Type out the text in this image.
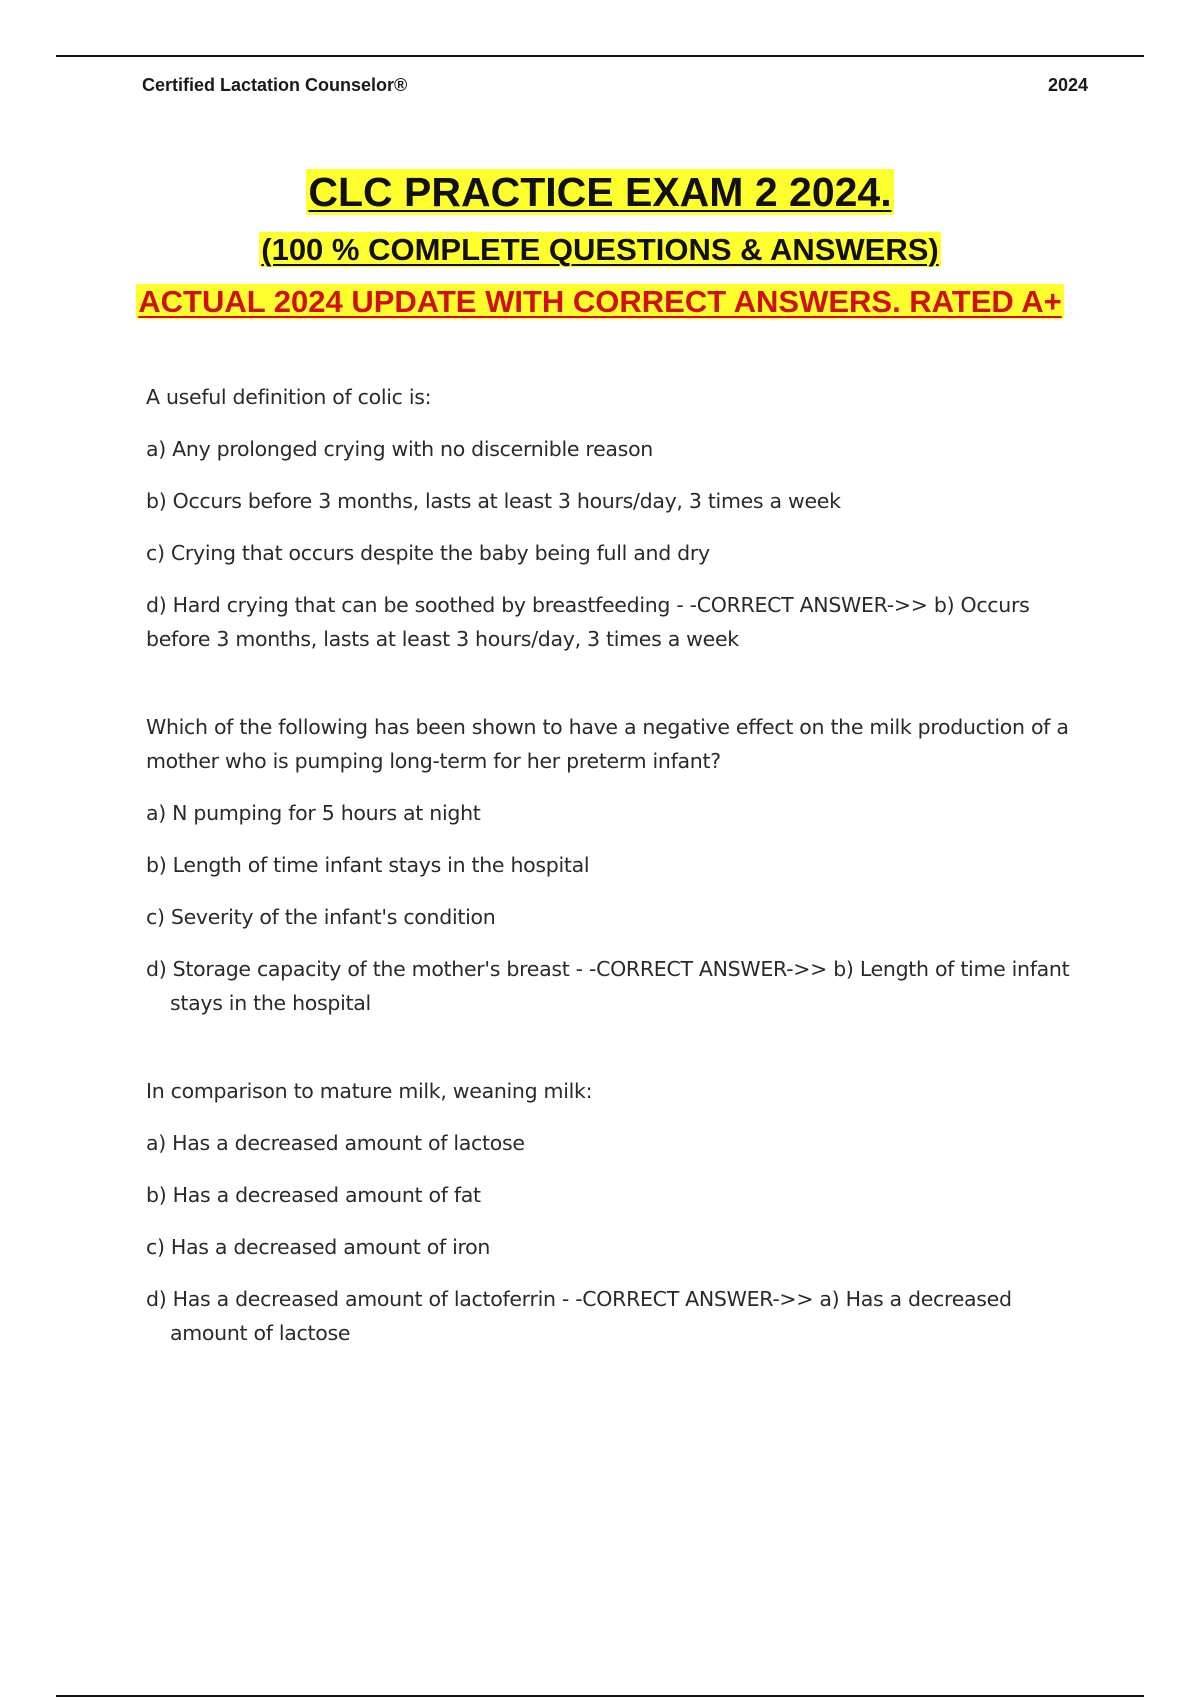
Certified Lactation Counselor®	2024
CLC PRACTICE EXAM 2 2024.
(100 % COMPLETE QUESTIONS & ANSWERS)
ACTUAL 2024 UPDATE WITH CORRECT ANSWERS. RATED A+

A useful definition of colic is:

a) Any prolonged crying with no discernible reason

b) Occurs before 3 months, lasts at least 3 hours/day, 3 times a week

c) Crying that occurs despite the baby being full and dry

d) Hard crying that can be soothed by breastfeeding - -CORRECT ANSWER->> b) Occurs before 3 months, lasts at least 3 hours/day, 3 times a week

Which of the following has been shown to have a negative effect on the milk production of a mother who is pumping long-term for her preterm infant?

a) N pumping for 5 hours at night

b) Length of time infant stays in the hospital

c) Severity of the infant's condition

d) Storage capacity of the mother's breast - -CORRECT ANSWER->> b) Length of time infant stays in the hospital

In comparison to mature milk, weaning milk:

a) Has a decreased amount of lactose

b) Has a decreased amount of fat

c) Has a decreased amount of iron

d) Has a decreased amount of lactoferrin - -CORRECT ANSWER->> a) Has a decreased amount of lactose
